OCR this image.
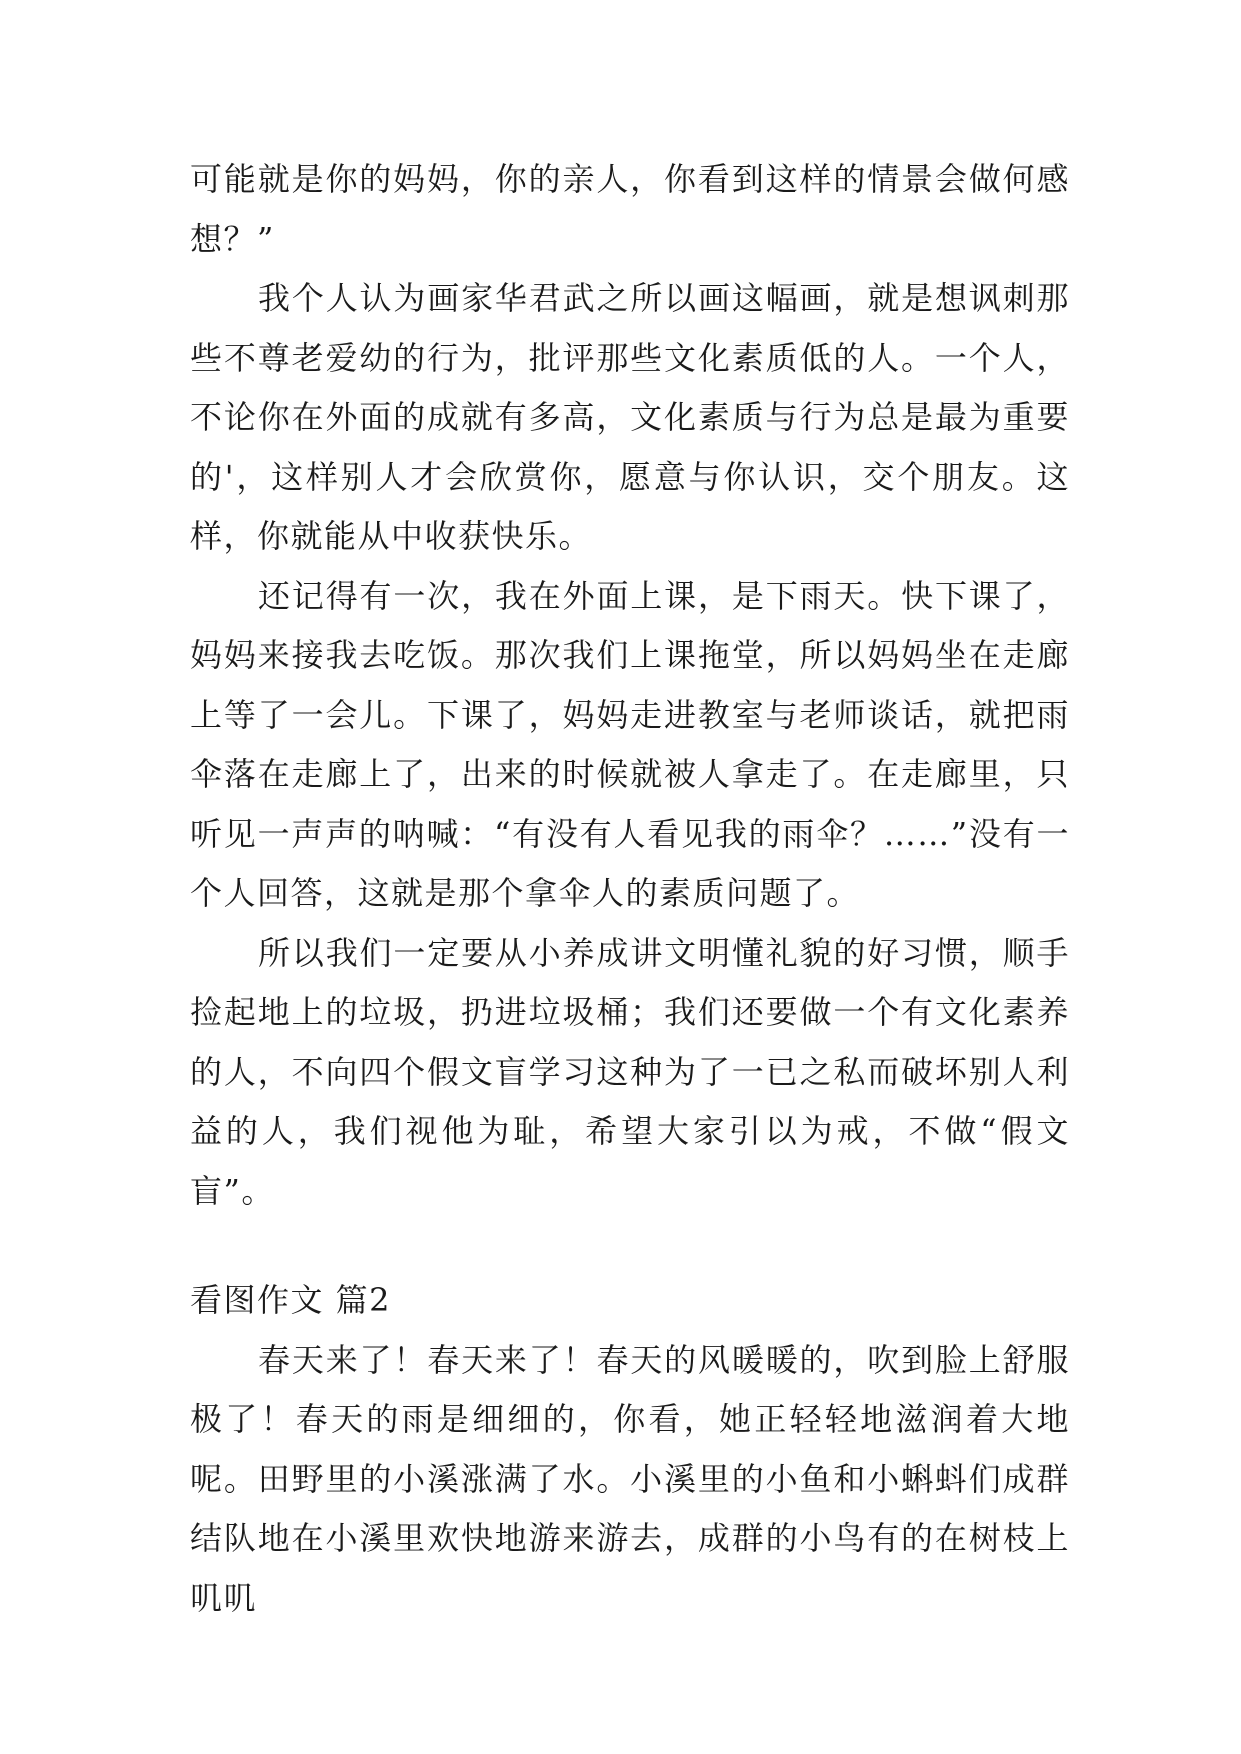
可能就是你的妈妈，你的亲人，你看到这样的情景会做何感想？”

我个人认为画家华君武之所以画这幅画，就是想讽刺那些不尊老爱幼的行为，批评那些文化素质低的人。一个人，不论你在外面的成就有多高，文化素质与行为总是最为重要的'，这样别人才会欣赏你，愿意与你认识，交个朋友。这样，你就能从中收获快乐。

还记得有一次，我在外面上课，是下雨天。快下课了，妈妈来接我去吃饭。那次我们上课拖堂，所以妈妈坐在走廊上等了一会儿。下课了，妈妈走进教室与老师谈话，就把雨伞落在走廊上了，出来的时候就被人拿走了。在走廊里，只听见一声声的呐喊：“有没有人看见我的雨伞？……”没有一个人回答，这就是那个拿伞人的素质问题了。

所以我们一定要从小养成讲文明懂礼貌的好习惯，顺手捡起地上的垃圾，扔进垃圾桶；我们还要做一个有文化素养的人，不向四个假文盲学习这种为了一已之私而破坏别人利益的人，我们视他为耻，希望大家引以为戒，不做“假文盲”。

看图作文 篇2

春天来了！春天来了！春天的风暖暖的，吹到脸上舒服极了！春天的雨是细细的，你看，她正轻轻地滋润着大地呢。田野里的小溪涨满了水。小溪里的小鱼和小蝌蚪们成群结队地在小溪里欢快地游来游去，成群的小鸟有的在树枝上叽叽
